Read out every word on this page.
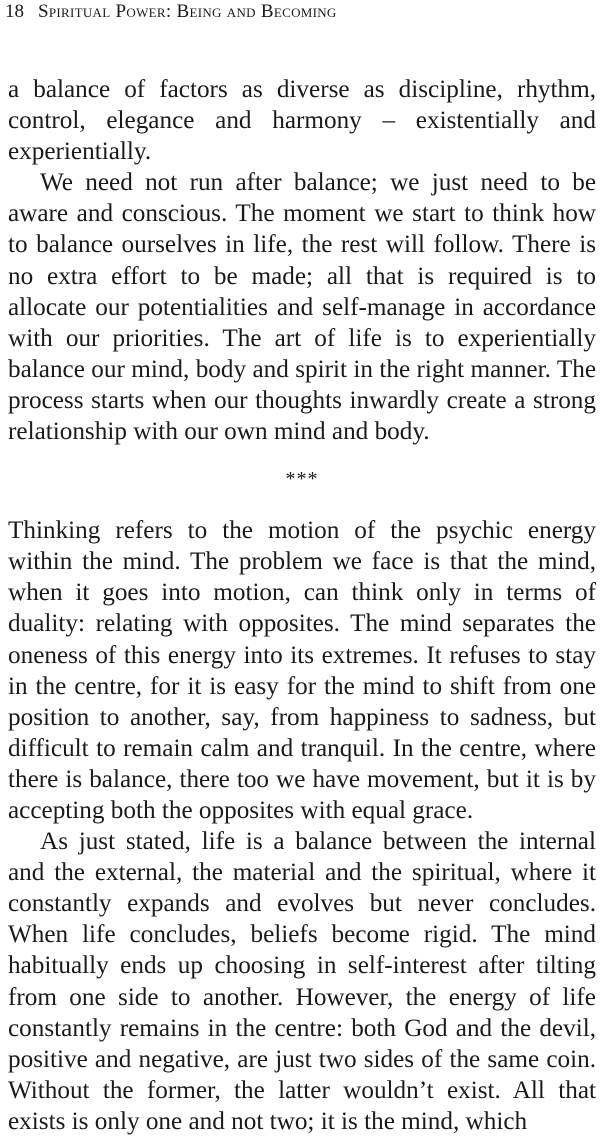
18 Spiritual Power: Being and Becoming

a balance of factors as diverse as discipline, rhythm, control, elegance and harmony – existentially and experientially.

We need not run after balance; we just need to be aware and conscious. The moment we start to think how to balance ourselves in life, the rest will follow. There is no extra effort to be made; all that is required is to allocate our potentialities and self-manage in accordance with our priorities. The art of life is to experientially balance our mind, body and spirit in the right manner. The process starts when our thoughts inwardly create a strong relationship with our own mind and body.

***

Thinking refers to the motion of the psychic energy within the mind. The problem we face is that the mind, when it goes into motion, can think only in terms of duality: relating with opposites. The mind separates the oneness of this energy into its extremes. It refuses to stay in the centre, for it is easy for the mind to shift from one position to another, say, from happiness to sadness, but difficult to remain calm and tranquil. In the centre, where there is balance, there too we have movement, but it is by accepting both the opposites with equal grace.

As just stated, life is a balance between the internal and the external, the material and the spiritual, where it constantly expands and evolves but never concludes. When life concludes, beliefs become rigid. The mind habitually ends up choosing in self-interest after tilting from one side to another. However, the energy of life constantly remains in the centre: both God and the devil, positive and negative, are just two sides of the same coin. Without the former, the latter wouldn’t exist. All that exists is only one and not two; it is the mind, which
